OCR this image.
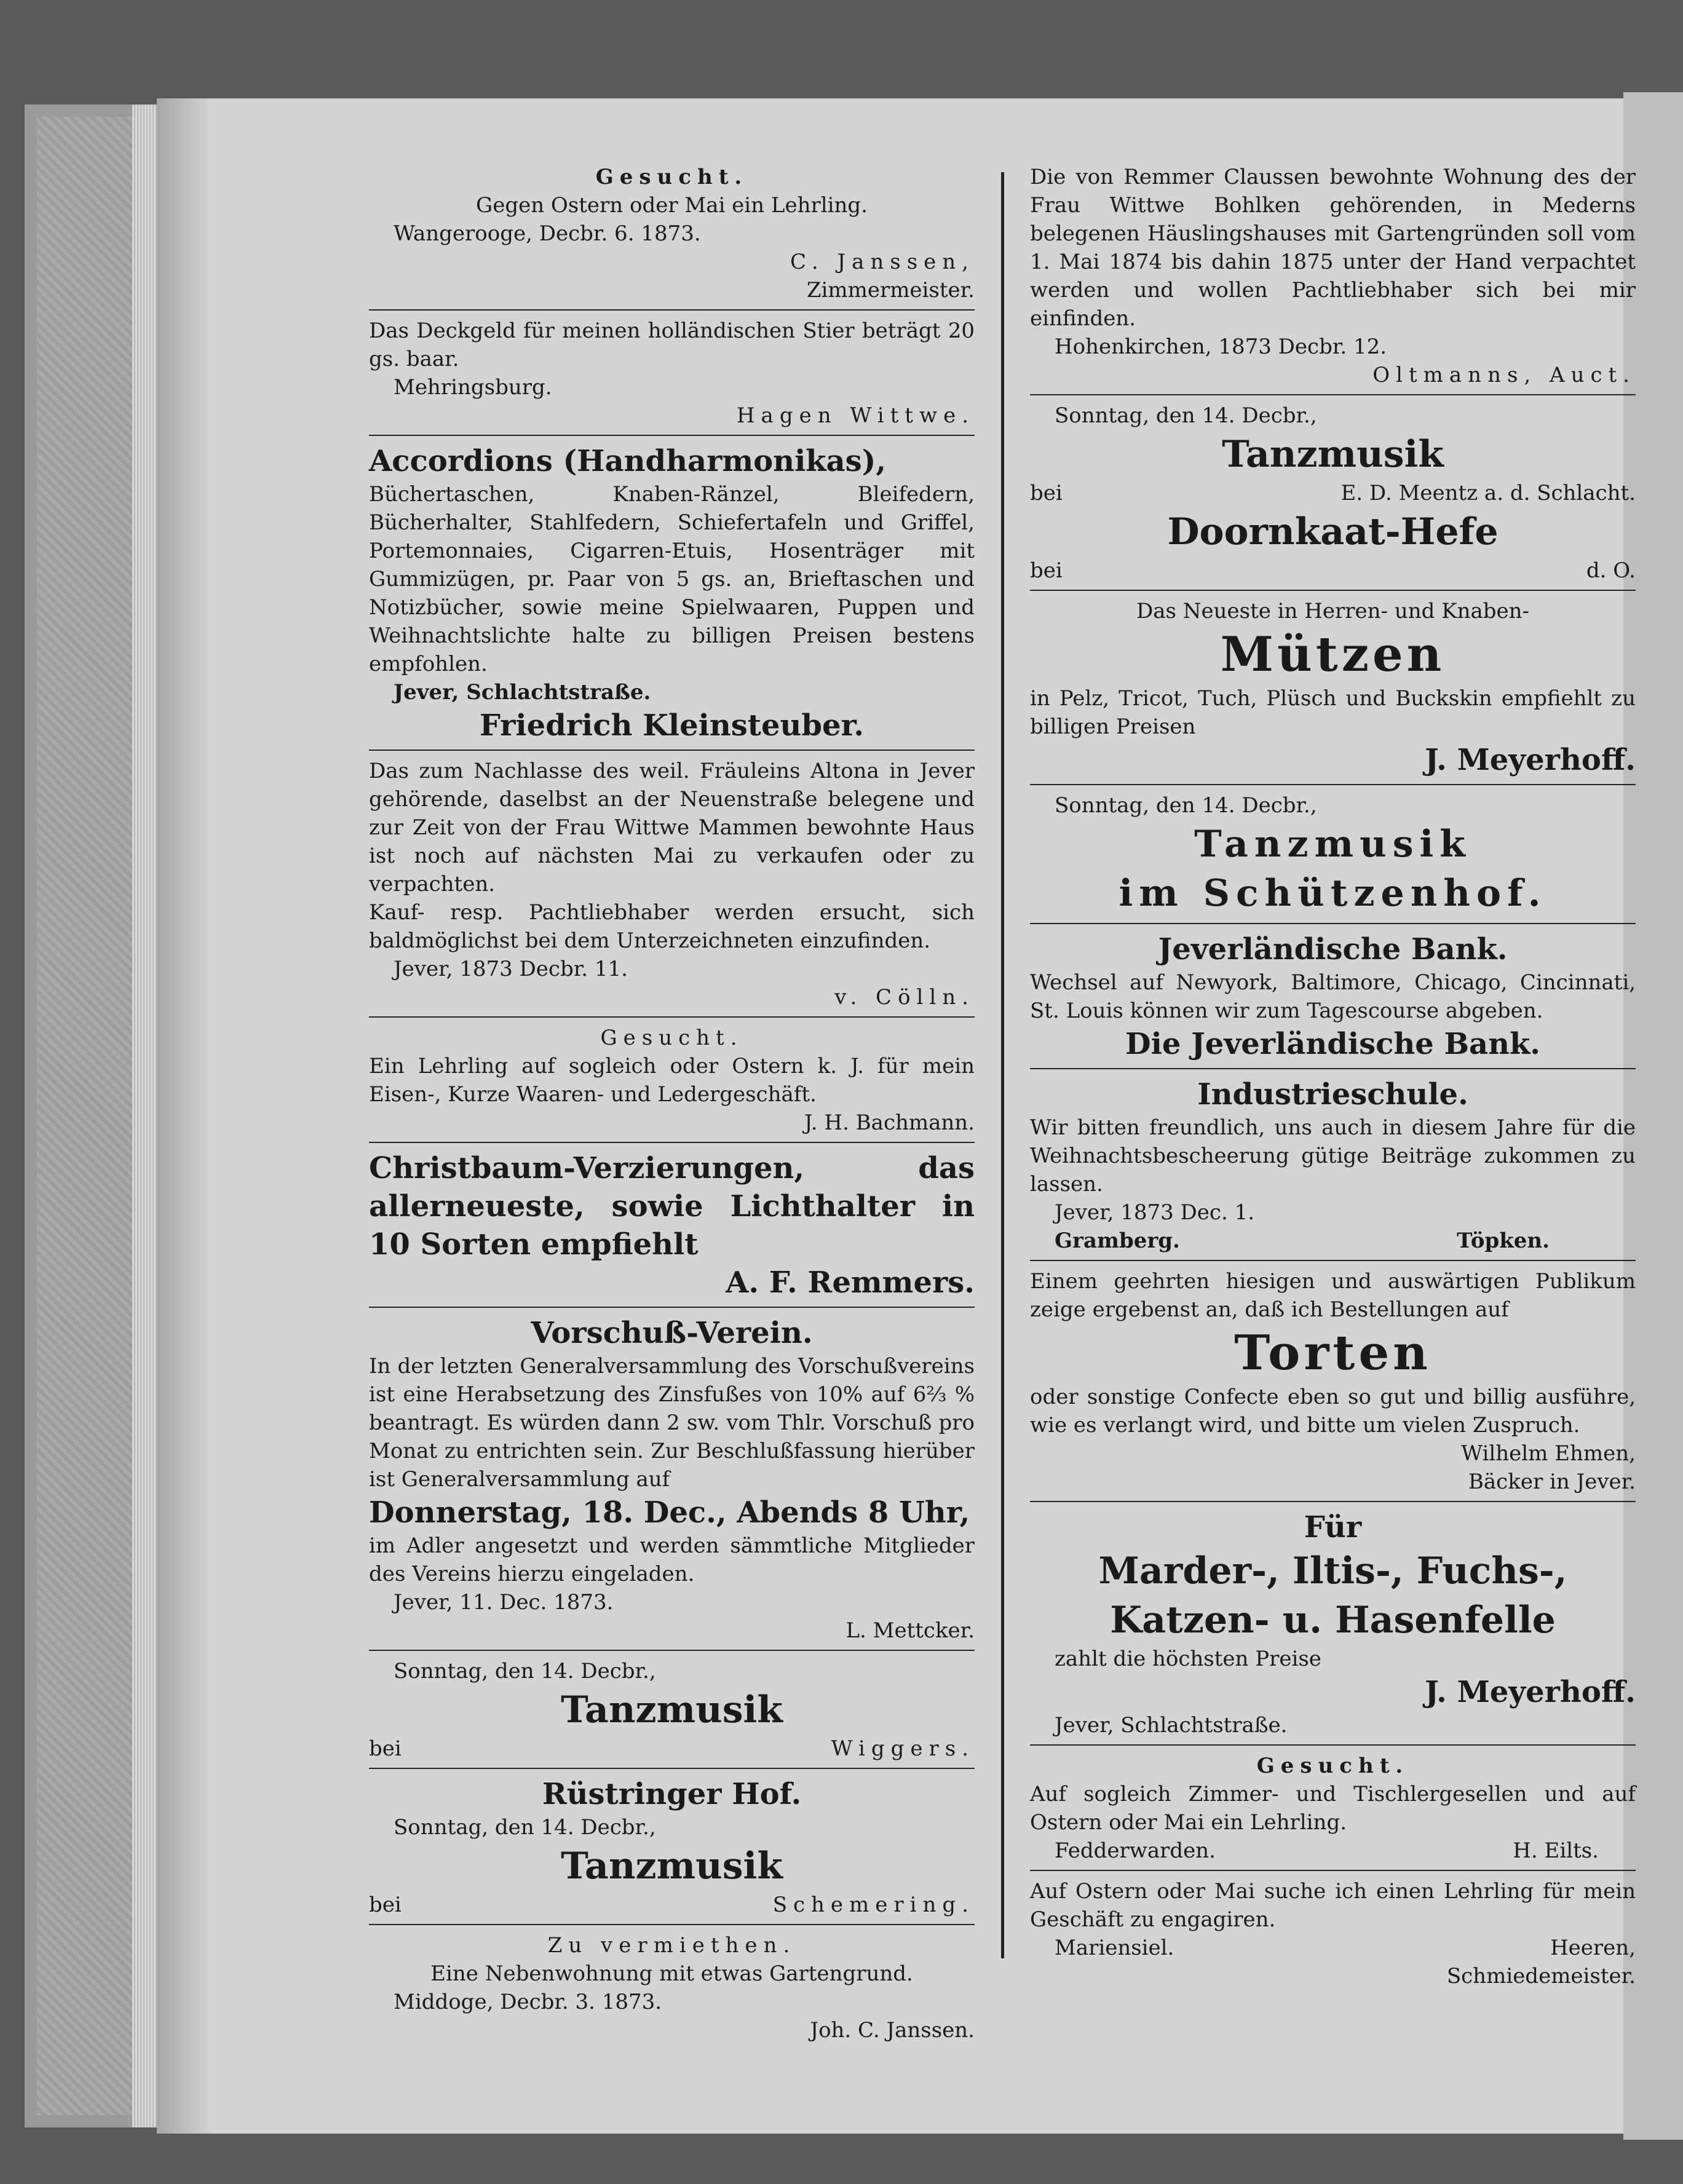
Gesucht.
Gegen Ostern oder Mai ein Lehrling.
Wangerooge, Decbr. 6. 1873.
C. Janssen,
Zimmermeister.

Das Deckgeld für meinen holländischen Stier beträgt 20 gs. baar.

Mehringsburg.
Hagen Wittwe.
Accordions (Handharmonikas),

Büchertaschen, Knaben-Ränzel, Bleifedern, Bücherhalter, Stahlfedern, Schiefertafeln und Griffel, Portemonnaies, Cigarren-Etuis, Hosenträger mit Gummizügen, pr. Paar von 5 gs. an, Brieftaschen und Notizbücher, sowie meine Spielwaaren, Puppen und Weihnachtslichte halte zu billigen Preisen bestens empfohlen.

Jever, Schlachtstraße.
Friedrich Kleinsteuber.

Das zum Nachlasse des weil. Fräuleins Altona in Jever gehörende, daselbst an der Neuenstraße belegene und zur Zeit von der Frau Wittwe Mammen bewohnte Haus ist noch auf nächsten Mai zu verkaufen oder zu verpachten.

Kauf- resp. Pachtliebhaber werden ersucht, sich baldmöglichst bei dem Unterzeichneten einzufinden.

Jever, 1873 Decbr. 11.
v. Cölln.
Gesucht.

Ein Lehrling auf sogleich oder Ostern k. J. für mein Eisen-, Kurze Waaren- und Ledergeschäft.

J. H. Bachmann.

Christbaum-Verzierungen, das allerneueste, sowie Lichthalter in 10 Sorten empfiehlt

A. F. Remmers.
Vorschuß-Verein.

In der letzten Generalversammlung des Vorschußvereins ist eine Herabsetzung des Zinsfußes von 10% auf 6⅔ % beantragt. Es würden dann 2 sw. vom Thlr. Vorschuß pro Monat zu entrichten sein. Zur Beschlußfassung hierüber ist Generalversammlung auf

Donnerstag, 18. Dec., Abends 8 Uhr,

im Adler angesetzt und werden sämmtliche Mitglieder des Vereins hierzu eingeladen.

Jever, 11. Dec. 1873.
L. Mettcker.
Sonntag, den 14. Decbr.,
Tanzmusik
bei	Wiggers.
Rüstringer Hof.
Sonntag, den 14. Decbr.,
Tanzmusik
bei	Schemering.
Zu vermiethen.
Eine Nebenwohnung mit etwas Gartengrund.
Middoge, Decbr. 3. 1873.
Joh. C. Janssen.

Die von Remmer Claussen bewohnte Wohnung des der Frau Wittwe Bohlken gehörenden, in Mederns belegenen Häuslingshauses mit Gartengründen soll vom 1. Mai 1874 bis dahin 1875 unter der Hand verpachtet werden und wollen Pachtliebhaber sich bei mir einfinden.

Hohenkirchen, 1873 Decbr. 12.
Oltmanns, Auct.
Sonntag, den 14. Decbr.,
Tanzmusik
bei	E. D. Meentz a. d. Schlacht.
Doornkaat-Hefe
bei	d. O.
Das Neueste in Herren- und Knaben-
Mützen

in Pelz, Tricot, Tuch, Plüsch und Buckskin empfiehlt zu billigen Preisen

J. Meyerhoff.
Sonntag, den 14. Decbr.,
Tanzmusik
im Schützenhof.
Jeverländische Bank.

Wechsel auf Newyork, Baltimore, Chicago, Cincinnati, St. Louis können wir zum Tagescourse abgeben.

Die Jeverländische Bank.
Industrieschule.

Wir bitten freundlich, uns auch in diesem Jahre für die Weihnachtsbescheerung gütige Beiträge zukommen zu lassen.

Jever, 1873 Dec. 1.
Gramberg.	Töpken.

Einem geehrten hiesigen und auswärtigen Publikum zeige ergebenst an, daß ich Bestellungen auf

Torten

oder sonstige Confecte eben so gut und billig ausführe, wie es verlangt wird, und bitte um vielen Zuspruch.

Wilhelm Ehmen,
Bäcker in Jever.
Für
Marder-, Iltis-, Fuchs-,
Katzen- u. Hasenfelle
zahlt die höchsten Preise
J. Meyerhoff.
Jever, Schlachtstraße.
Gesucht.

Auf sogleich Zimmer- und Tischlergesellen und auf Ostern oder Mai ein Lehrling.

Fedderwarden.	H. Eilts.

Auf Ostern oder Mai suche ich einen Lehrling für mein Geschäft zu engagiren.

Mariensiel.	Heeren,
Schmiedemeister.
